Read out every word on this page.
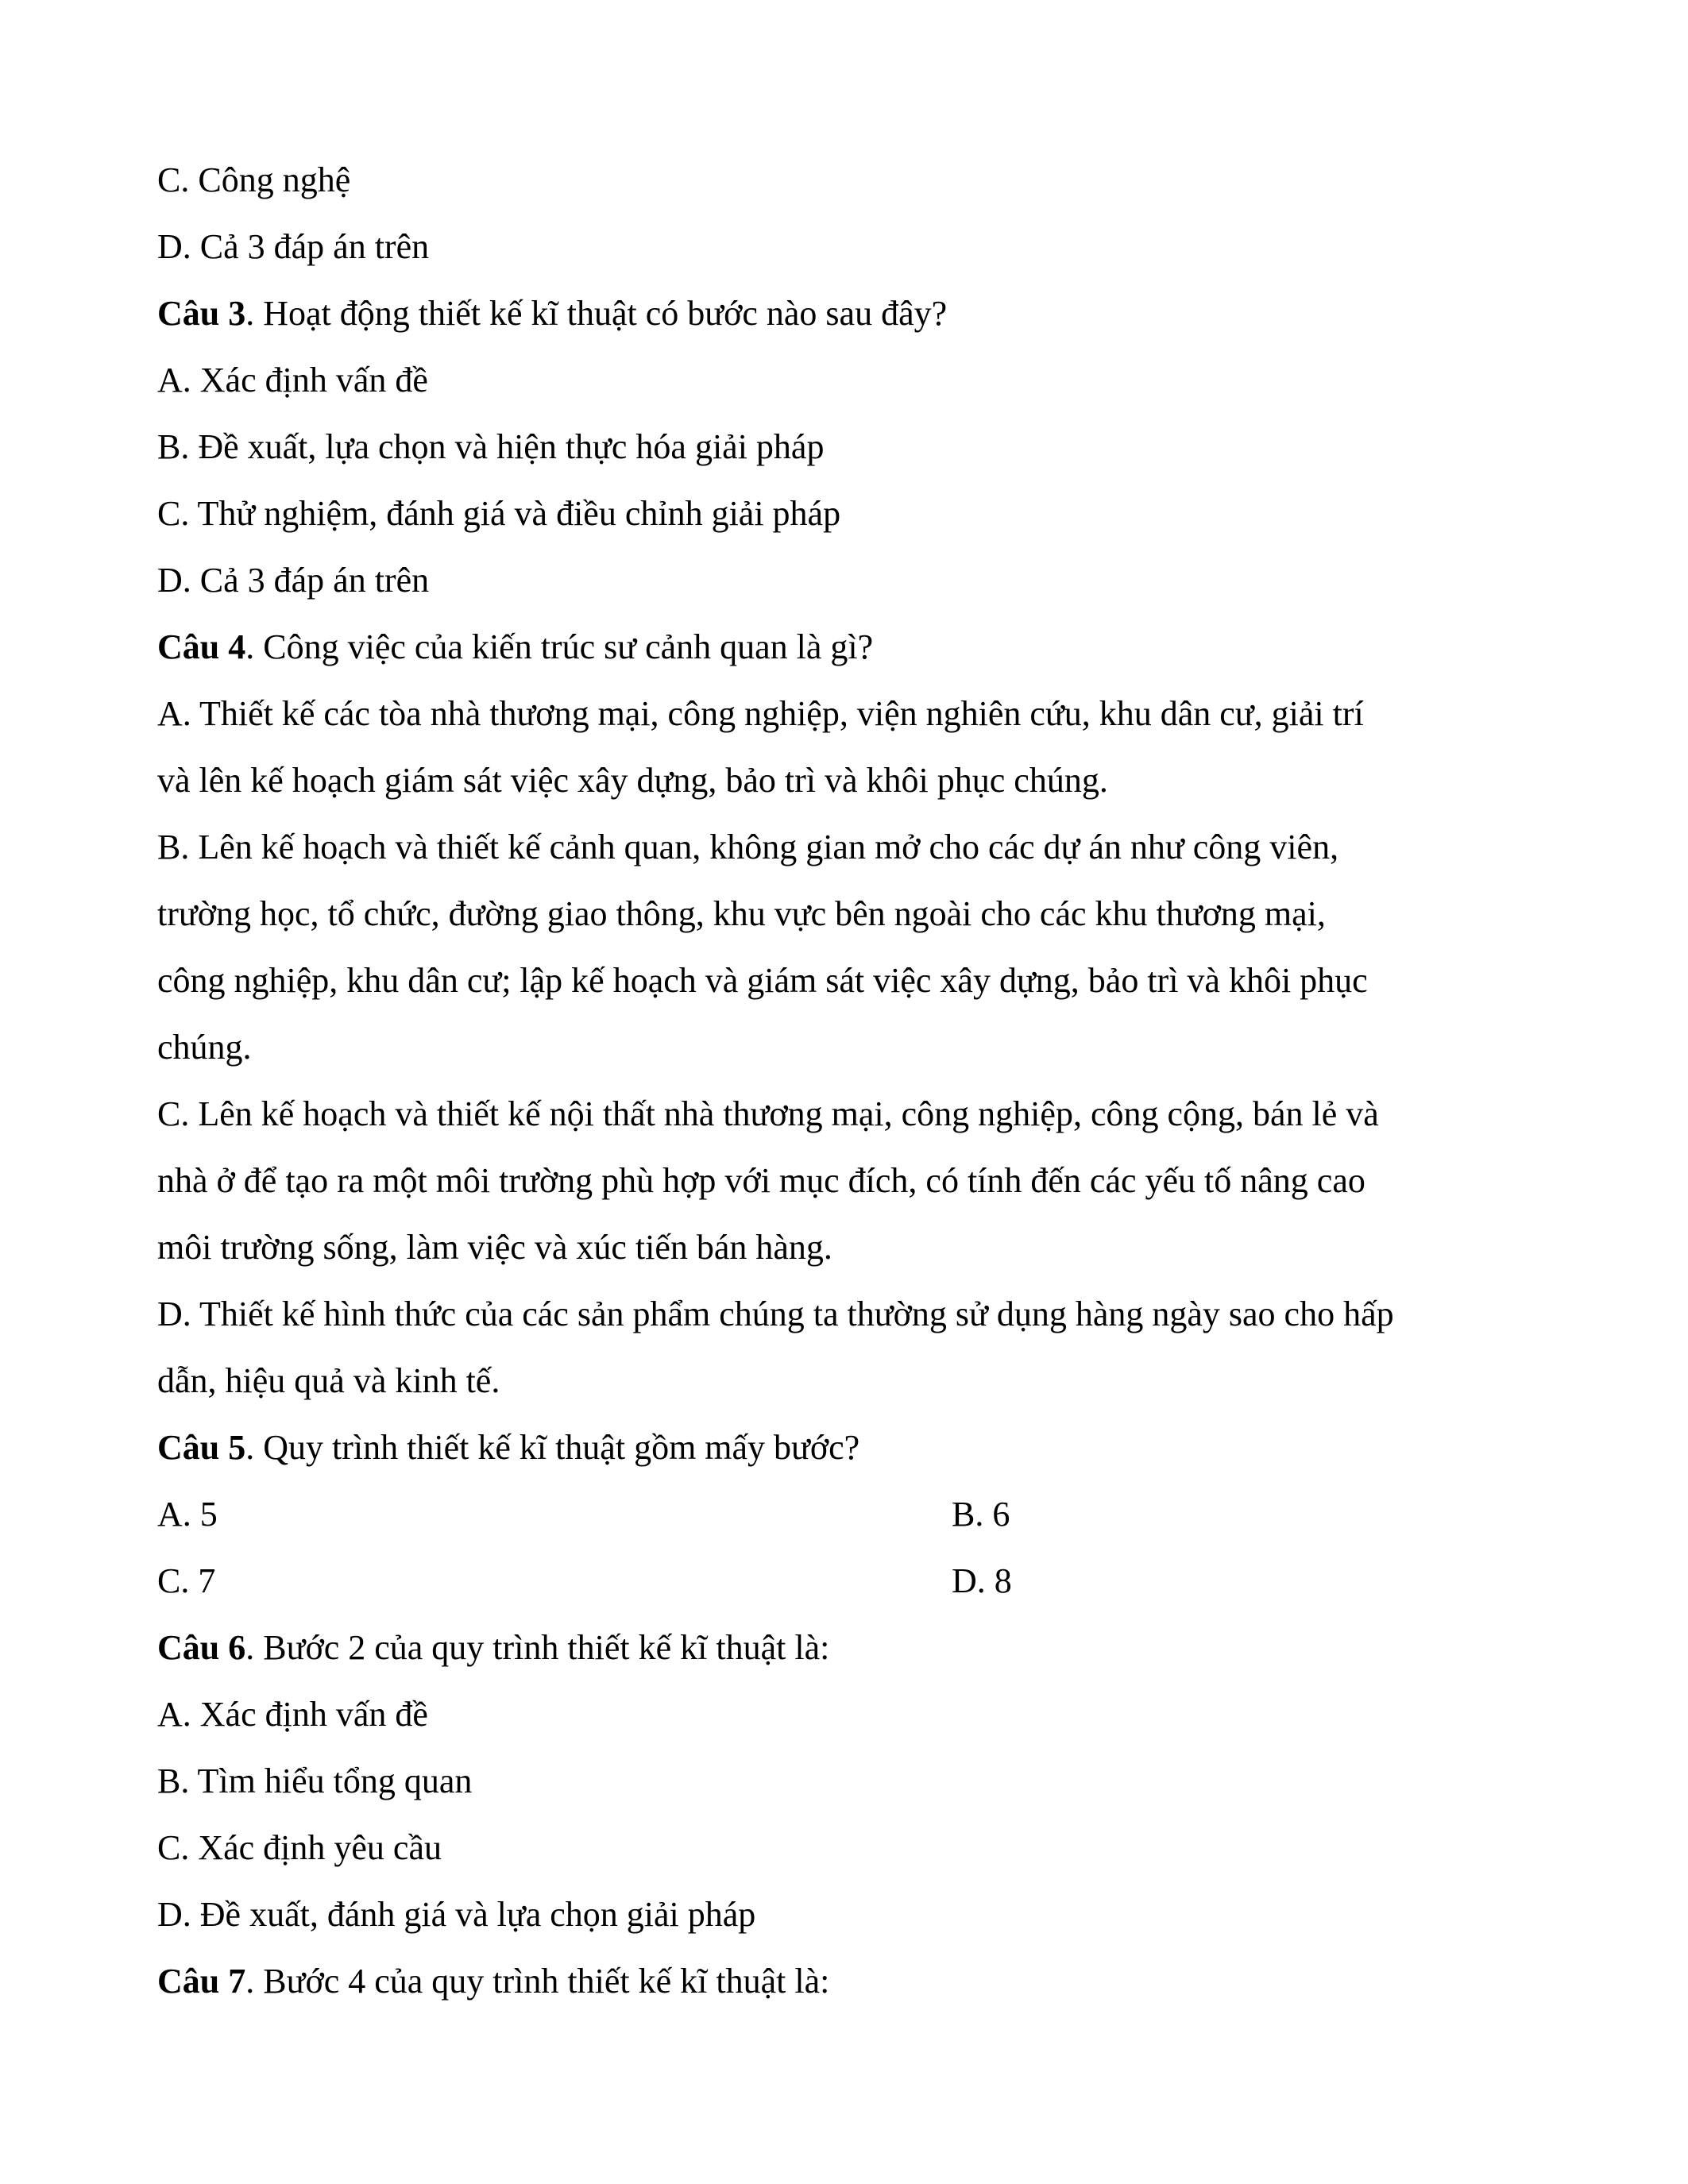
C. Công nghệ
D. Cả 3 đáp án trên
Câu 3. Hoạt động thiết kế kĩ thuật có bước nào sau đây?
A. Xác định vấn đề
B. Đề xuất, lựa chọn và hiện thực hóa giải pháp
C. Thử nghiệm, đánh giá và điều chỉnh giải pháp
D. Cả 3 đáp án trên
Câu 4. Công việc của kiến trúc sư cảnh quan là gì?
A. Thiết kế các tòa nhà thương mại, công nghiệp, viện nghiên cứu, khu dân cư, giải trí
và lên kế hoạch giám sát việc xây dựng, bảo trì và khôi phục chúng.
B. Lên kế hoạch và thiết kế cảnh quan, không gian mở cho các dự án như công viên,
trường học, tổ chức, đường giao thông, khu vực bên ngoài cho các khu thương mại,
công nghiệp, khu dân cư; lập kế hoạch và giám sát việc xây dựng, bảo trì và khôi phục
chúng.
C. Lên kế hoạch và thiết kế nội thất nhà thương mại, công nghiệp, công cộng, bán lẻ và
nhà ở để tạo ra một môi trường phù hợp với mục đích, có tính đến các yếu tố nâng cao
môi trường sống, làm việc và xúc tiến bán hàng.
D. Thiết kế hình thức của các sản phẩm chúng ta thường sử dụng hàng ngày sao cho hấp
dẫn, hiệu quả và kinh tế.
Câu 5. Quy trình thiết kế kĩ thuật gồm mấy bước?
A. 5	B. 6
C. 7	D. 8
Câu 6. Bước 2 của quy trình thiết kế kĩ thuật là:
A. Xác định vấn đề
B. Tìm hiểu tổng quan
C. Xác định yêu cầu
D. Đề xuất, đánh giá và lựa chọn giải pháp
Câu 7. Bước 4 của quy trình thiết kế kĩ thuật là:
